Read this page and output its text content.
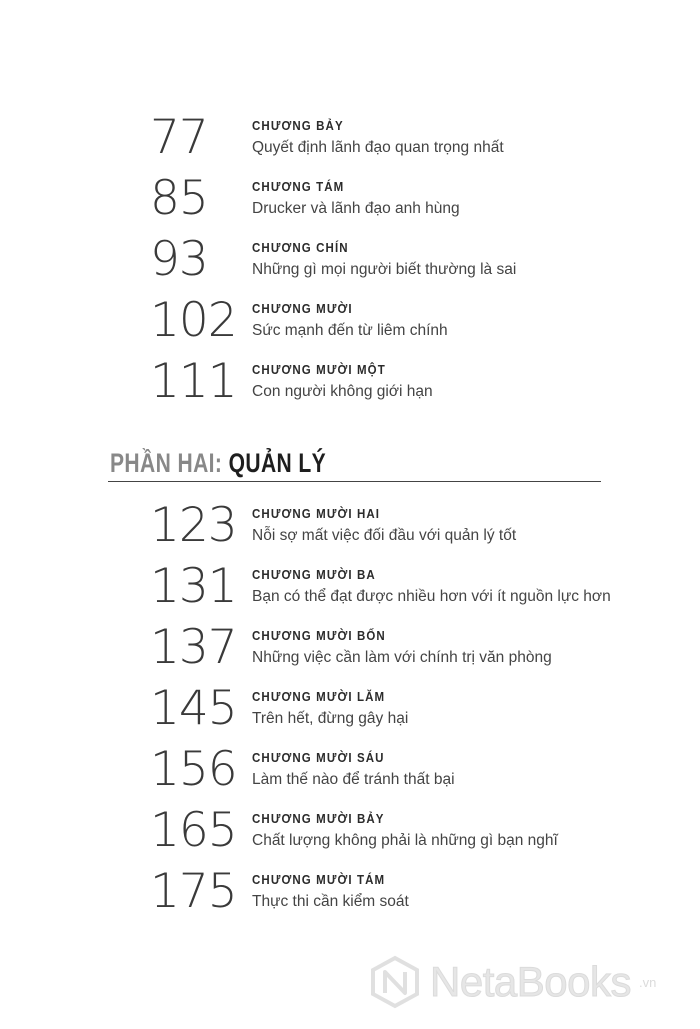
77	CHƯƠNG BẢY
Quyết định lãnh đạo quan trọng nhất
85	CHƯƠNG TÁM
Drucker và lãnh đạo anh hùng
93	CHƯƠNG CHÍN
Những gì mọi người biết thường là sai
102 CHƯƠNG MƯỜI
Sức mạnh đến từ liêm chính
111 CHƯƠNG MƯỜI MỘT
Con người không giới hạn
PHẦN HAI: QUẢN LÝ
123 CHƯƠNG MƯỜI HAI
Nỗi sợ mất việc đối đầu với quản lý tốt
131 CHƯƠNG MƯỜI BA
Bạn có thể đạt được nhiều hơn với ít nguồn lực hơn
137 CHƯƠNG MƯỜI BỐN
Những việc cần làm với chính trị văn phòng
145 CHƯƠNG MƯỜI LĂM
Trên hết, đừng gây hại
156 CHƯƠNG MƯỜI SÁU
Làm thế nào để tránh thất bại
165 CHƯƠNG MƯỜI BẢY
Chất lượng không phải là những gì bạn nghĩ
175 CHƯƠNG MƯỜI TÁM
Thực thi cần kiểm soát
NetaBooks .vn
